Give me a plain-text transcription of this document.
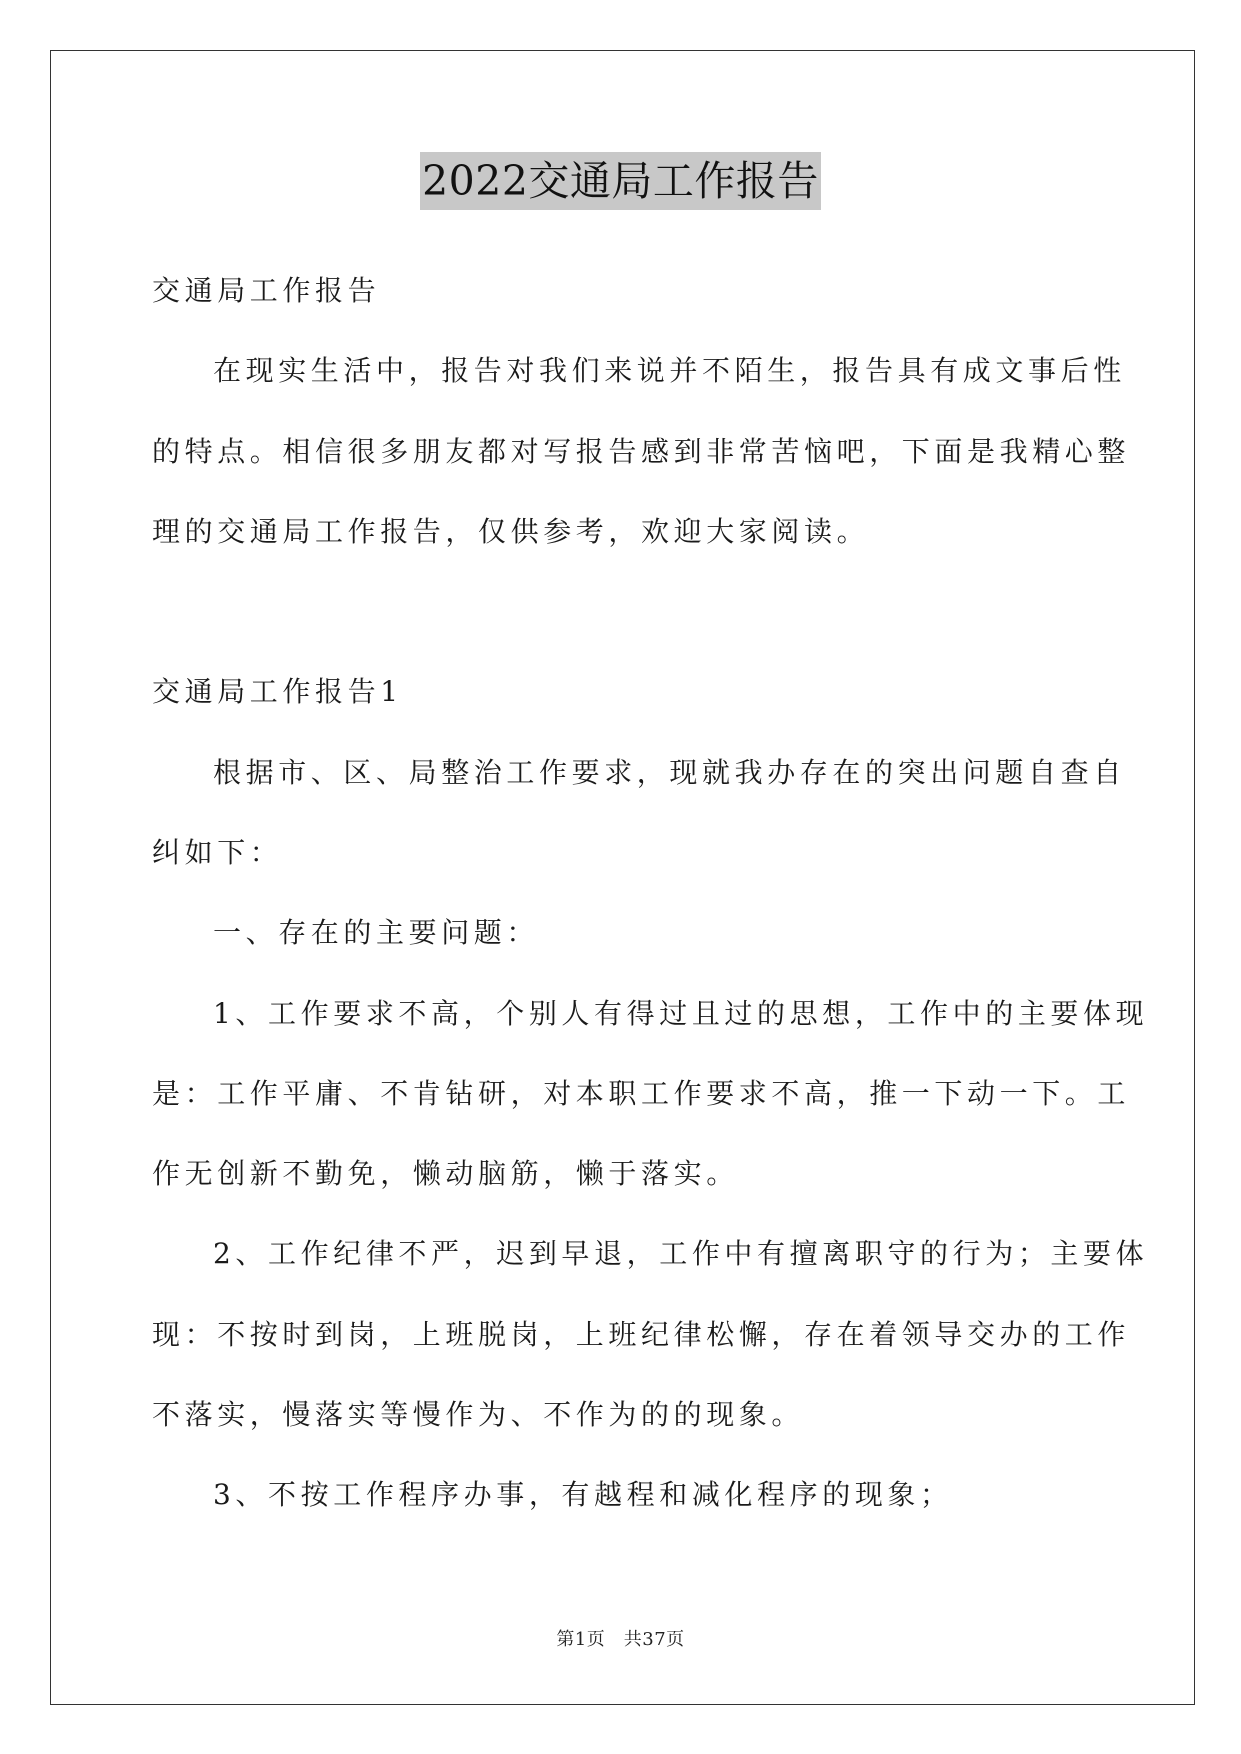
2022交通局工作报告
交通局工作报告
在现实生活中，报告对我们来说并不陌生，报告具有成文事后性
的特点。相信很多朋友都对写报告感到非常苦恼吧，下面是我精心整
理的交通局工作报告，仅供参考，欢迎大家阅读。
交通局工作报告1
根据市、区、局整治工作要求，现就我办存在的突出问题自查自
纠如下：
一、存在的主要问题：
1、工作要求不高，个别人有得过且过的思想，工作中的主要体现
是：工作平庸、不肯钻研，对本职工作要求不高，推一下动一下。工
作无创新不勤免，懒动脑筋，懒于落实。
2、工作纪律不严，迟到早退，工作中有擅离职守的行为；主要体
现：不按时到岗，上班脱岗，上班纪律松懈，存在着领导交办的工作
不落实，慢落实等慢作为、不作为的的现象。
3、不按工作程序办事，有越程和减化程序的现象；
第1页　共37页
